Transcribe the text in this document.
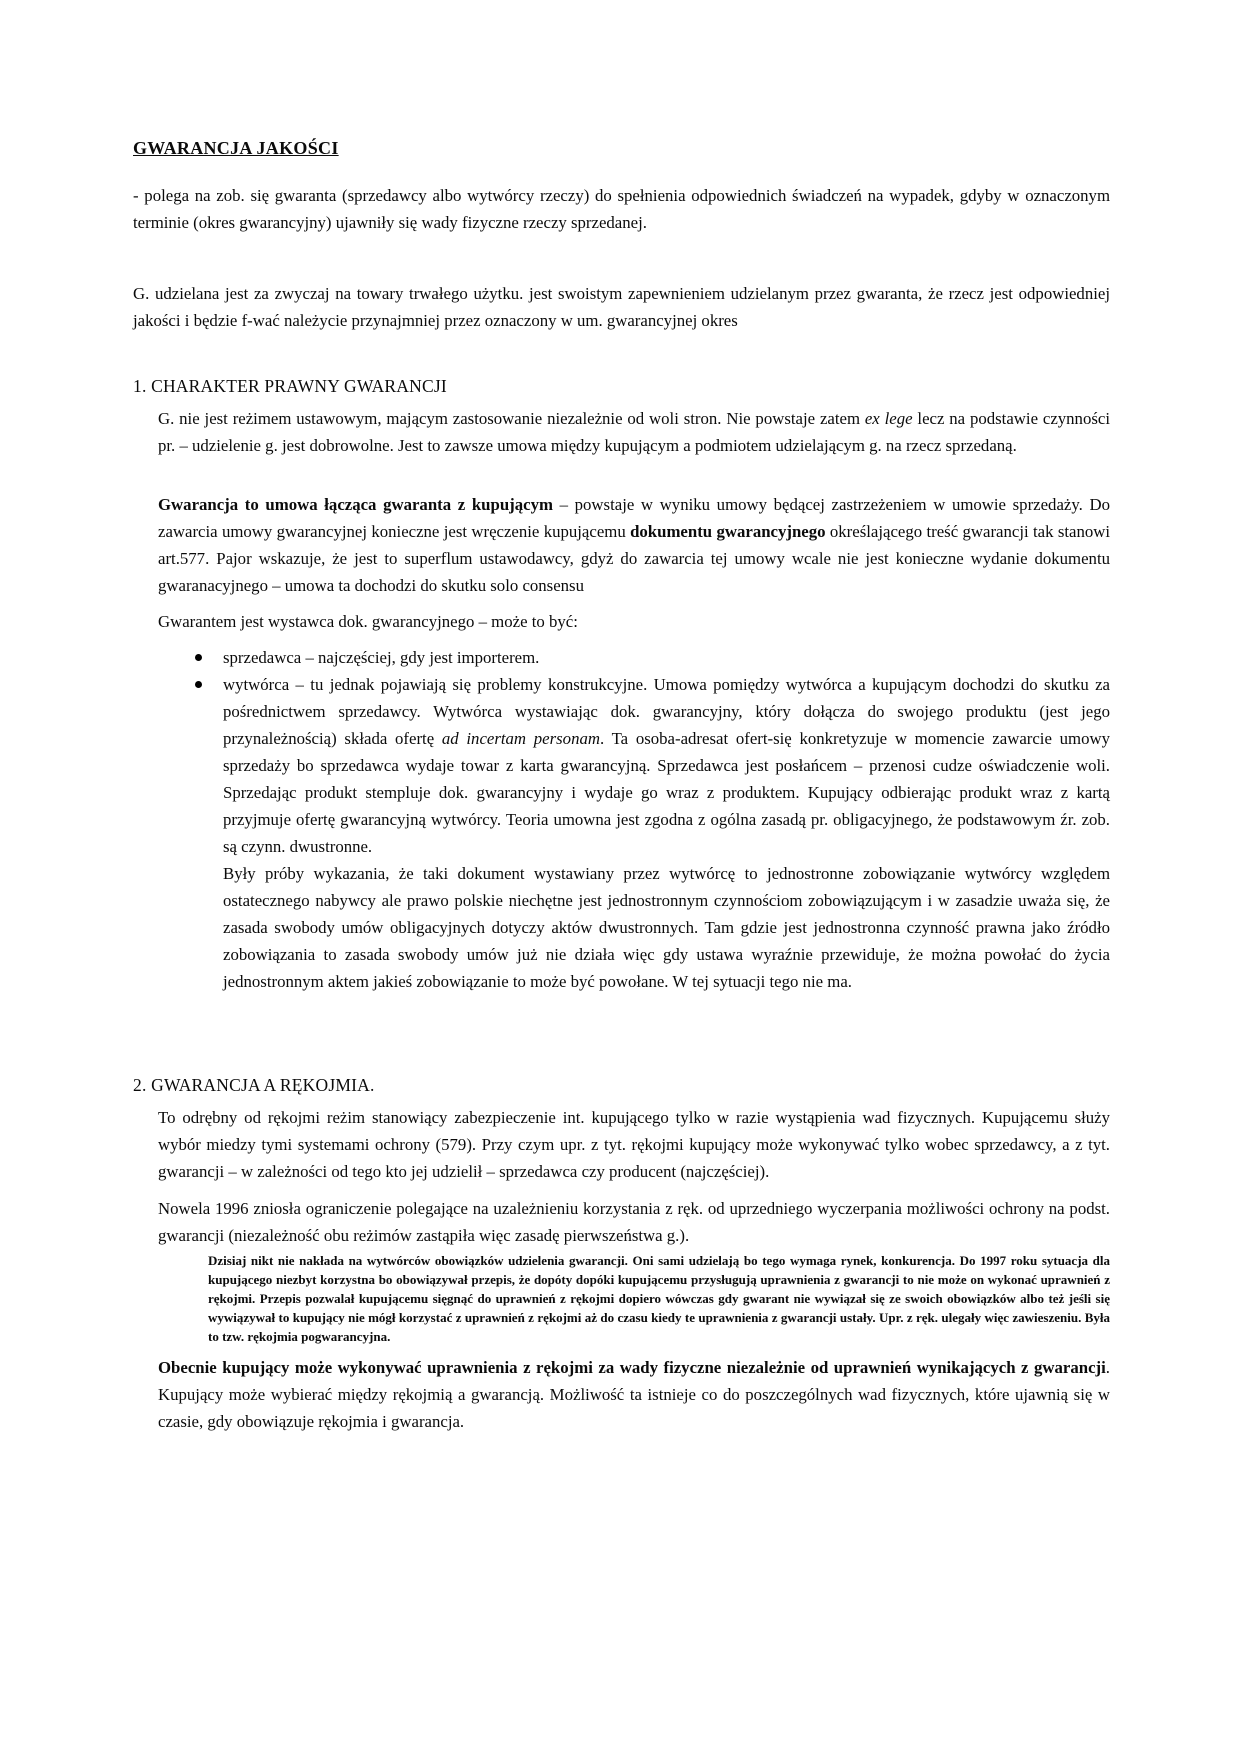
GWARANCJA JAKOŚCI

- polega na zob. się gwaranta (sprzedawcy albo wytwórcy rzeczy) do spełnienia odpowiednich świadczeń na wypadek, gdyby w oznaczonym terminie (okres gwarancyjny) ujawniły się wady fizyczne rzeczy sprzedanej.

G. udzielana jest za zwyczaj na towary trwałego użytku. jest swoistym zapewnieniem udzielanym przez gwaranta, że rzecz jest odpowiedniej jakości i będzie f-wać należycie przynajmniej przez oznaczony w um. gwarancyjnej okres

1. CHARAKTER PRAWNY GWARANCJI

G. nie jest reżimem ustawowym, mającym zastosowanie niezależnie od woli stron. Nie powstaje zatem ex lege lecz na podstawie czynności pr. – udzielenie g. jest dobrowolne. Jest to zawsze umowa między kupującym a podmiotem udzielającym g. na rzecz sprzedaną.

Gwarancja to umowa łącząca gwaranta z kupującym – powstaje w wyniku umowy będącej zastrzeżeniem w umowie sprzedaży. Do zawarcia umowy gwarancyjnej konieczne jest wręczenie kupującemu dokumentu gwarancyjnego określającego treść gwarancji tak stanowi art.577. Pajor wskazuje, że jest to superflum ustawodawcy, gdyż do zawarcia tej umowy wcale nie jest konieczne wydanie dokumentu gwaranacyjnego – umowa ta dochodzi do skutku solo consensu

Gwarantem jest wystawca dok. gwarancyjnego – może to być:

sprzedawca – najczęściej, gdy jest importerem.
wytwórca – tu jednak pojawiają się problemy konstrukcyjne. Umowa pomiędzy wytwórca a kupującym dochodzi do skutku za pośrednictwem sprzedawcy. Wytwórca wystawiając dok. gwarancyjny, który dołącza do swojego produktu (jest jego przynależnością) składa ofertę ad incertam personam. Ta osoba-adresat ofert-się konkretyzuje w momencie zawarcie umowy sprzedaży bo sprzedawca wydaje towar z karta gwarancyjną. Sprzedawca jest posłańcem – przenosi cudze oświadczenie woli. Sprzedając produkt stempluje dok. gwarancyjny i wydaje go wraz z produktem. Kupujący odbierając produkt wraz z kartą przyjmuje ofertę gwarancyjną wytwórcy. Teoria umowna jest zgodna z ogólna zasadą pr. obligacyjnego, że podstawowym źr. zob. są czynn. dwustronne.
Były próby wykazania, że taki dokument wystawiany przez wytwórcę to jednostronne zobowiązanie wytwórcy względem ostatecznego nabywcy ale prawo polskie niechętne jest jednostronnym czynnościom zobowiązującym i w zasadzie uważa się, że zasada swobody umów obligacyjnych dotyczy aktów dwustronnych. Tam gdzie jest jednostronna czynność prawna jako źródło zobowiązania to zasada swobody umów już nie działa więc gdy ustawa wyraźnie przewiduje, że można powołać do życia jednostronnym aktem jakieś zobowiązanie to może być powołane. W tej sytuacji tego nie ma.
2. GWARANCJA A RĘKOJMIA.

To odrębny od rękojmi reżim stanowiący zabezpieczenie int. kupującego tylko w razie wystąpienia wad fizycznych. Kupującemu służy wybór miedzy tymi systemami ochrony (579). Przy czym upr. z tyt. rękojmi kupujący może wykonywać tylko wobec sprzedawcy, a z tyt. gwarancji – w zależności od tego kto jej udzielił – sprzedawca czy producent (najczęściej).

Nowela 1996 zniosła ograniczenie polegające na uzależnieniu korzystania z ręk. od uprzedniego wyczerpania możliwości ochrony na podst. gwarancji (niezależność obu reżimów zastąpiła więc zasadę pierwszeństwa g.).

Dzisiaj nikt nie nakłada na wytwórców obowiązków udzielenia gwarancji. Oni sami udzielają bo tego wymaga rynek, konkurencja. Do 1997 roku sytuacja dla kupującego niezbyt korzystna bo obowiązywał przepis, że dopóty dopóki kupującemu przysługują uprawnienia z gwarancji to nie może on wykonać uprawnień z rękojmi. Przepis pozwalał kupującemu sięgnąć do uprawnień z rękojmi dopiero wówczas gdy gwarant nie wywiązał się ze swoich obowiązków albo też jeśli się wywiązywał to kupujący nie mógł korzystać z uprawnień z rękojmi aż do czasu kiedy te uprawnienia z gwarancji ustały. Upr. z ręk. ulegały więc zawieszeniu. Była to tzw. rękojmia pogwarancyjna.

Obecnie kupujący może wykonywać uprawnienia z rękojmi za wady fizyczne niezależnie od uprawnień wynikających z gwarancji. Kupujący może wybierać między rękojmią a gwarancją. Możliwość ta istnieje co do poszczególnych wad fizycznych, które ujawnią się w czasie, gdy obowiązuje rękojmia i gwarancja.
